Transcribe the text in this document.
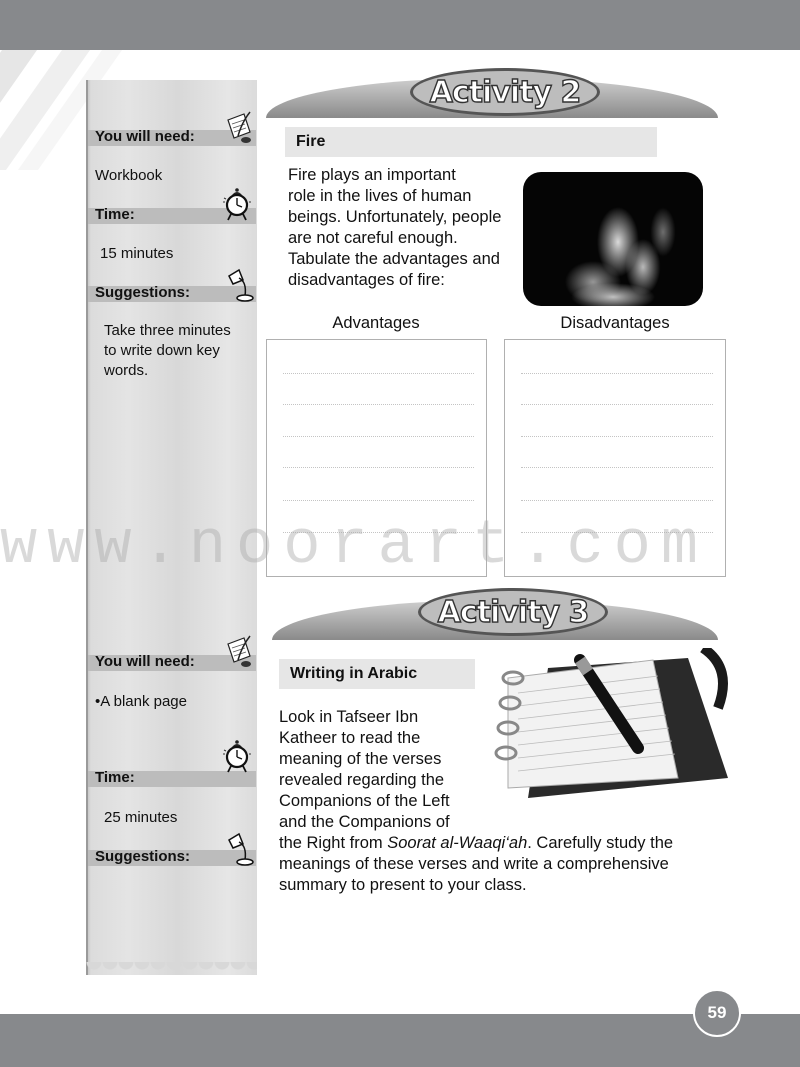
You will need:
Workbook
Time:
15 minutes
Suggestions:
Take three minutes
to write down key
words.
You will need:
•A blank page
Time:
25 minutes
Suggestions:
Activity 2
Fire
Fire plays an important
role in the lives of human
beings. Unfortunately, people
are not careful enough.
Tabulate the advantages and
disadvantages of fire:
Advantages	Disadvantages
Activity 3
Writing in Arabic
Look in Tafseer Ibn
Katheer to read the
meaning of the verses
revealed regarding the
Companions of the Left
and the Companions of
the Right from Soorat al-Waaqi‘ah. Carefully study the
meanings of these verses and write a comprehensive
summary to present to your class.
www.noorart.com
59
